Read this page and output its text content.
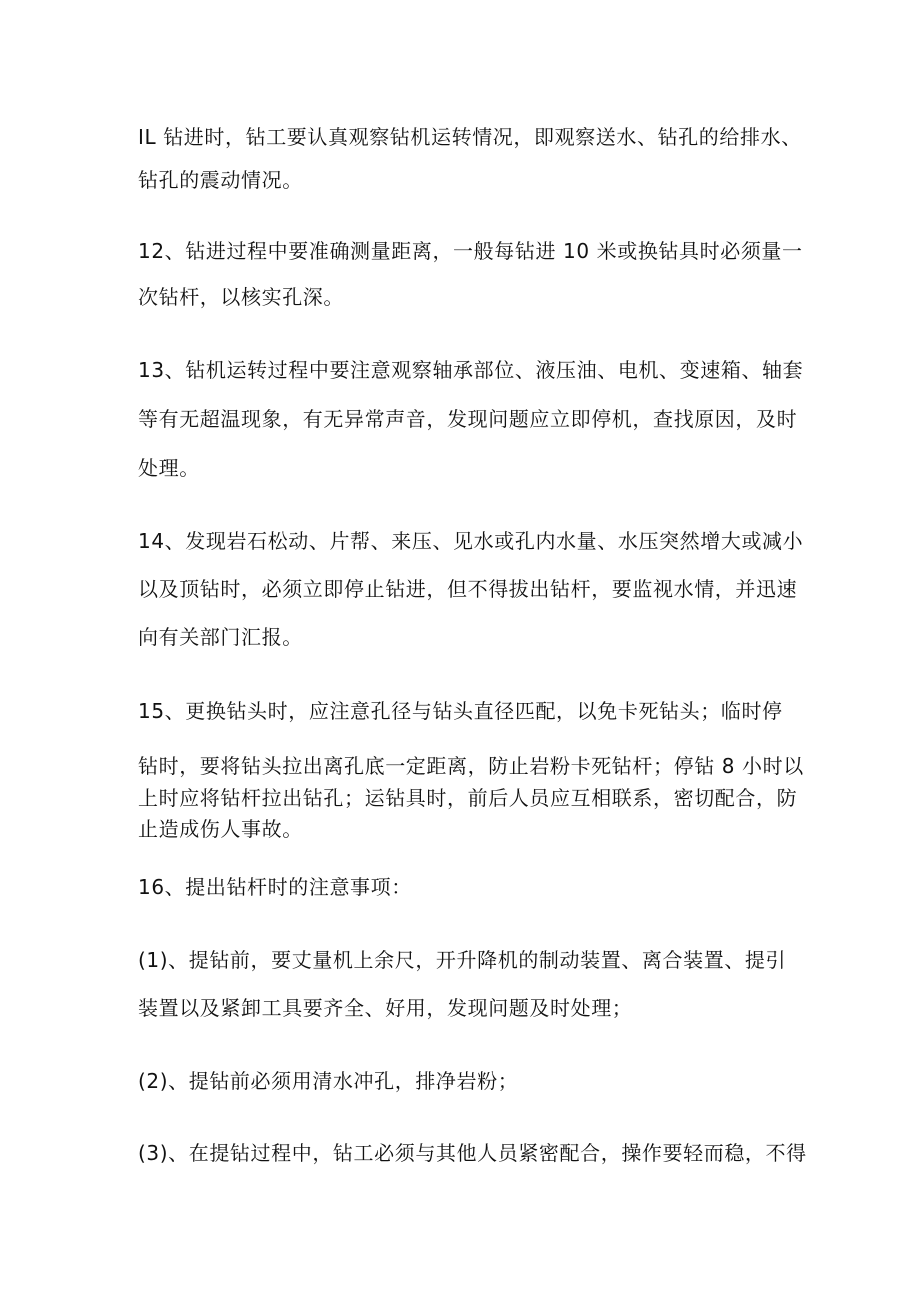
IL 钻进时，钻工要认真观察钻机运转情况，即观察送水、钻孔的给排水、
钻孔的震动情况。
12、钻进过程中要准确测量距离，一般每钻进 10 米或换钻具时必须量一
次钻杆，以核实孔深。
13、钻机运转过程中要注意观察轴承部位、液压油、电机、变速箱、轴套
等有无超温现象，有无异常声音，发现问题应立即停机，查找原因，及时
处理。
14、发现岩石松动、片帮、来压、见水或孔内水量、水压突然增大或减小
以及顶钻时，必须立即停止钻进，但不得拔出钻杆，要监视水情，并迅速
向有关部门汇报。
15、更换钻头时，应注意孔径与钻头直径匹配，以免卡死钻头；临时停
钻时，要将钻头拉出离孔底一定距离，防止岩粉卡死钻杆；停钻 8 小时以
上时应将钻杆拉出钻孔；运钻具时，前后人员应互相联系，密切配合，防
止造成伤人事故。
16、提出钻杆时的注意事项：
(1)、提钻前，要丈量机上余尺，开升降机的制动装置、离合装置、提引
装置以及紧卸工具要齐全、好用，发现问题及时处理；
(2)、提钻前必须用清水冲孔，排净岩粉；
(3)、在提钻过程中，钻工必须与其他人员紧密配合，操作要轻而稳，不得
